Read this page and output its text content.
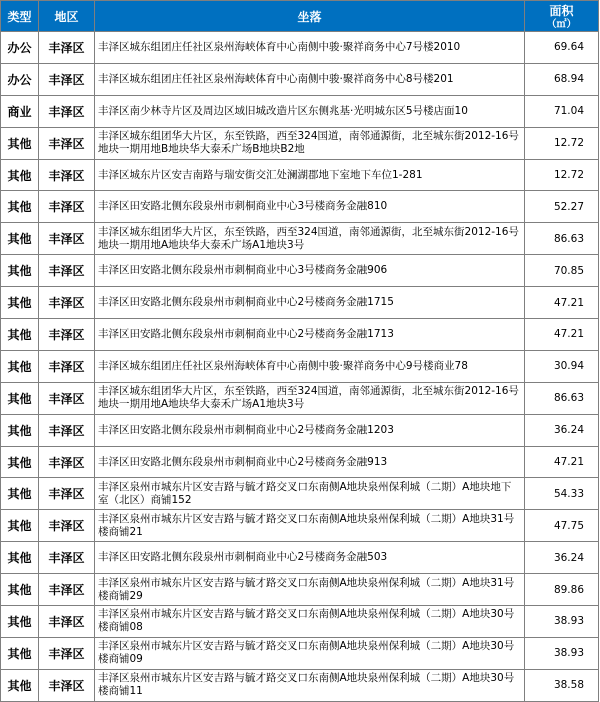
类型	地区	坐落	面积
（㎡）

办公	丰泽区	丰泽区城东组团庄任社区泉州海峡体育中心南侧中骏·聚祥商务中心7号楼2010	69.64
办公	丰泽区	丰泽区城东组团庄任社区泉州海峡体育中心南侧中骏·聚祥商务中心8号楼201	68.94
商业	丰泽区	丰泽区南少林寺片区及周边区域旧城改造片区东侧兆基·光明城东区5号楼店面10	71.04
其他	丰泽区	丰泽区城东组团华大片区，东至铁路，西至324国道，南邻通源街，北至城东街2012-16号地块一期用地B地块华大泰禾广场B地块B2地	12.72
其他	丰泽区	丰泽区城东片区安吉南路与瑞安街交汇处澜湖郡地下室地下车位1-281	12.72
其他	丰泽区	丰泽区田安路北侧东段泉州市刺桐商业中心3号楼商务金融810	52.27
其他	丰泽区	丰泽区城东组团华大片区，东至铁路，西至324国道，南邻通源街，北至城东街2012-16号地块一期用地A地块华大泰禾广场A1地块3号	86.63
其他	丰泽区	丰泽区田安路北侧东段泉州市刺桐商业中心3号楼商务金融906	70.85
其他	丰泽区	丰泽区田安路北侧东段泉州市刺桐商业中心2号楼商务金融1715	47.21
其他	丰泽区	丰泽区田安路北侧东段泉州市刺桐商业中心2号楼商务金融1713	47.21
其他	丰泽区	丰泽区城东组团庄任社区泉州海峡体育中心南侧中骏·聚祥商务中心9号楼商业78	30.94
其他	丰泽区	丰泽区城东组团华大片区，东至铁路，西至324国道，南邻通源街，北至城东街2012-16号地块一期用地A地块华大泰禾广场A1地块3号	86.63
其他	丰泽区	丰泽区田安路北侧东段泉州市刺桐商业中心2号楼商务金融1203	36.24
其他	丰泽区	丰泽区田安路北侧东段泉州市刺桐商业中心2号楼商务金融913	47.21
其他	丰泽区	丰泽区泉州市城东片区安吉路与毓才路交叉口东南侧A地块泉州保利城（二期）A地块地下室（北区）商铺152	54.33
其他	丰泽区	丰泽区泉州市城东片区安吉路与毓才路交叉口东南侧A地块泉州保利城（二期）A地块31号楼商铺21	47.75
其他	丰泽区	丰泽区田安路北侧东段泉州市刺桐商业中心2号楼商务金融503	36.24
其他	丰泽区	丰泽区泉州市城东片区安吉路与毓才路交叉口东南侧A地块泉州保利城（二期）A地块31号楼商铺29	89.86
其他	丰泽区	丰泽区泉州市城东片区安吉路与毓才路交叉口东南侧A地块泉州保利城（二期）A地块30号楼商铺08	38.93
其他	丰泽区	丰泽区泉州市城东片区安吉路与毓才路交叉口东南侧A地块泉州保利城（二期）A地块30号楼商铺09	38.93
其他	丰泽区	丰泽区泉州市城东片区安吉路与毓才路交叉口东南侧A地块泉州保利城（二期）A地块30号楼商铺11	38.58
